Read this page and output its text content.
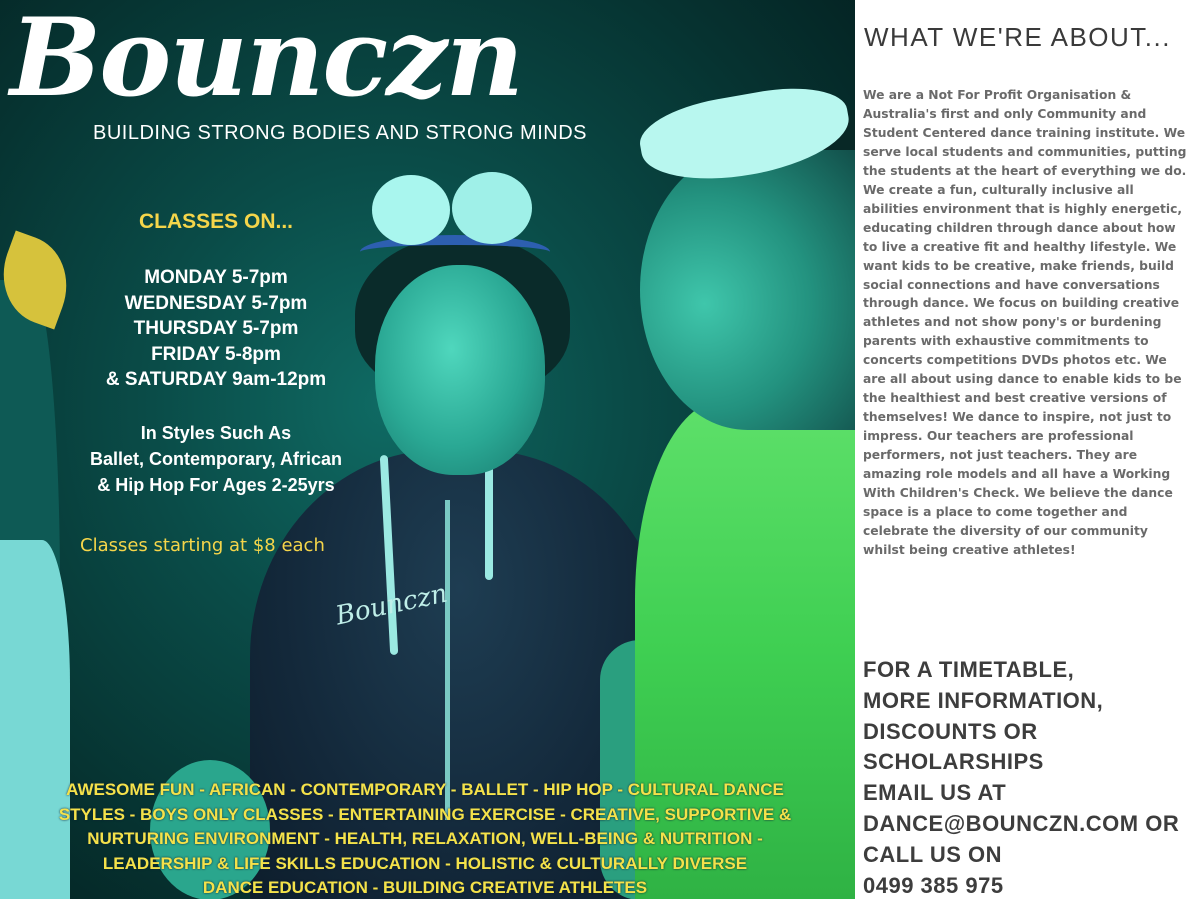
Bounczn
Bounczn
BUILDING STRONG BODIES AND STRONG MINDS
CLASSES ON...
MONDAY 5-7pm
WEDNESDAY 5-7pm
THURSDAY 5-7pm
FRIDAY 5-8pm
& SATURDAY 9am-12pm
In Styles Such As
Ballet, Contemporary, African
& Hip Hop For Ages 2-25yrs
Classes starting at $8 each
AWESOME FUN - AFRICAN - CONTEMPORARY - BALLET - HIP HOP - CULTURAL DANCE
STYLES - BOYS ONLY CLASSES - ENTERTAINING EXERCISE - CREATIVE, SUPPORTIVE &
NURTURING ENVIRONMENT - HEALTH, RELAXATION, WELL-BEING & NUTRITION -
LEADERSHIP & LIFE SKILLS EDUCATION - HOLISTIC & CULTURALLY DIVERSE
DANCE EDUCATION - BUILDING CREATIVE ATHLETES
WHAT WE'RE ABOUT...

We are a Not For Profit Organisation & Australia's first and only Community and Student Centered dance training institute. We serve local students and communities, putting the students at the heart of everything we do. We create a fun, culturally inclusive all abilities environment that is highly energetic, educating children through dance about how to live a creative fit and healthy lifestyle. We want kids to be creative, make friends, build social connections and have conversations through dance. We focus on building creative athletes and not show pony's or burdening parents with exhaustive commitments to concerts competitions DVDs photos etc. We are all about using dance to enable kids to be the healthiest and best creative versions of themselves! We dance to inspire, not just to impress. Our teachers are professional performers, not just teachers. They are amazing role models and all have a Working With Children's Check. We believe the dance space is a place to come together and celebrate the diversity of our community whilst being creative athletes!

FOR A TIMETABLE,
MORE INFORMATION,
DISCOUNTS OR
SCHOLARSHIPS
EMAIL US AT
DANCE@BOUNCZN.COM OR
CALL US ON
0499 385 975
